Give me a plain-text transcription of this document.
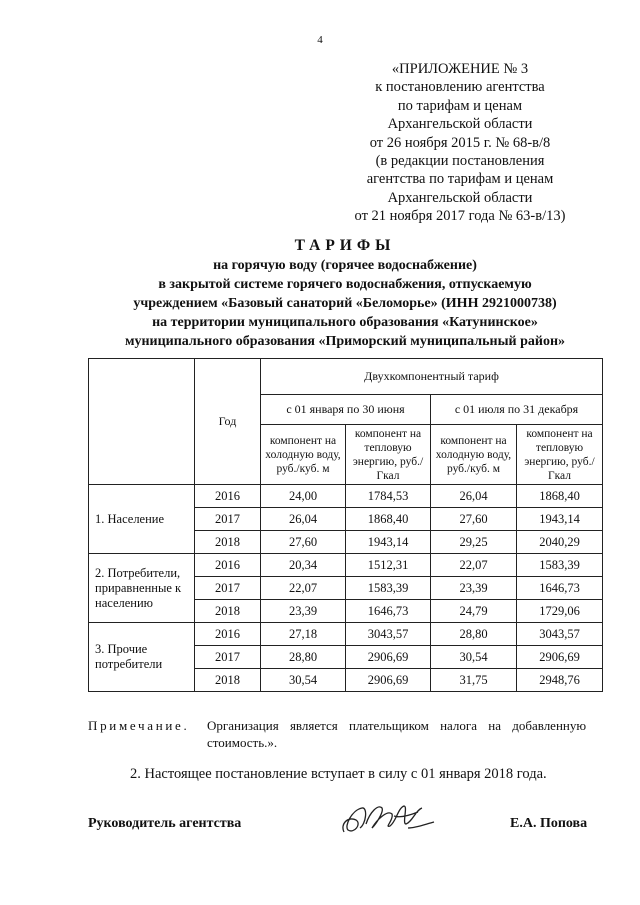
4
«ПРИЛОЖЕНИЕ № 3
к постановлению агентства
по тарифам и ценам
Архангельской области
от 26 ноября 2015 г. № 68-в/8
(в редакции постановления
агентства по тарифам и ценам
Архангельской области
от 21 ноября 2017 года № 63-в/13)
ТАРИФЫ
на горячую воду (горячее водоснабжение)
в закрытой системе горячего водоснабжения, отпускаемую
учреждением «Базовый санаторий «Беломорье» (ИНН 2921000738)
на территории муниципального образования «Катунинское»
муниципального образования «Приморский муниципальный район»
	Год	Двухкомпонентный тариф			
		с 01 января по 30 июня		с 01 июля по 31 декабря	
		компонент на холодную воду, руб./куб. м	компонент на тепловую энергию, руб./Гкал	компонент на холодную воду, руб./куб. м	компонент на тепловую энергию, руб./Гкал
1. Население	2016	24,00	1784,53	26,04	1868,40
	2017	26,04	1868,40	27,60	1943,14
	2018	27,60	1943,14	29,25	2040,29
2. Потребители, приравненные к населению	2016	20,34	1512,31	22,07	1583,39
	2017	22,07	1583,39	23,39	1646,73
	2018	23,39	1646,73	24,79	1729,06
3. Прочие потребители	2016	27,18	3043,57	28,80	3043,57
	2017	28,80	2906,69	30,54	2906,69
	2018	30,54	2906,69	31,75	2948,76
Примечание. Организация является плательщиком налога на добавленную
стоимость.».
2. Настоящее постановление вступает в силу с 01 января 2018 года.
Руководитель агентства	Е.А. Попова
